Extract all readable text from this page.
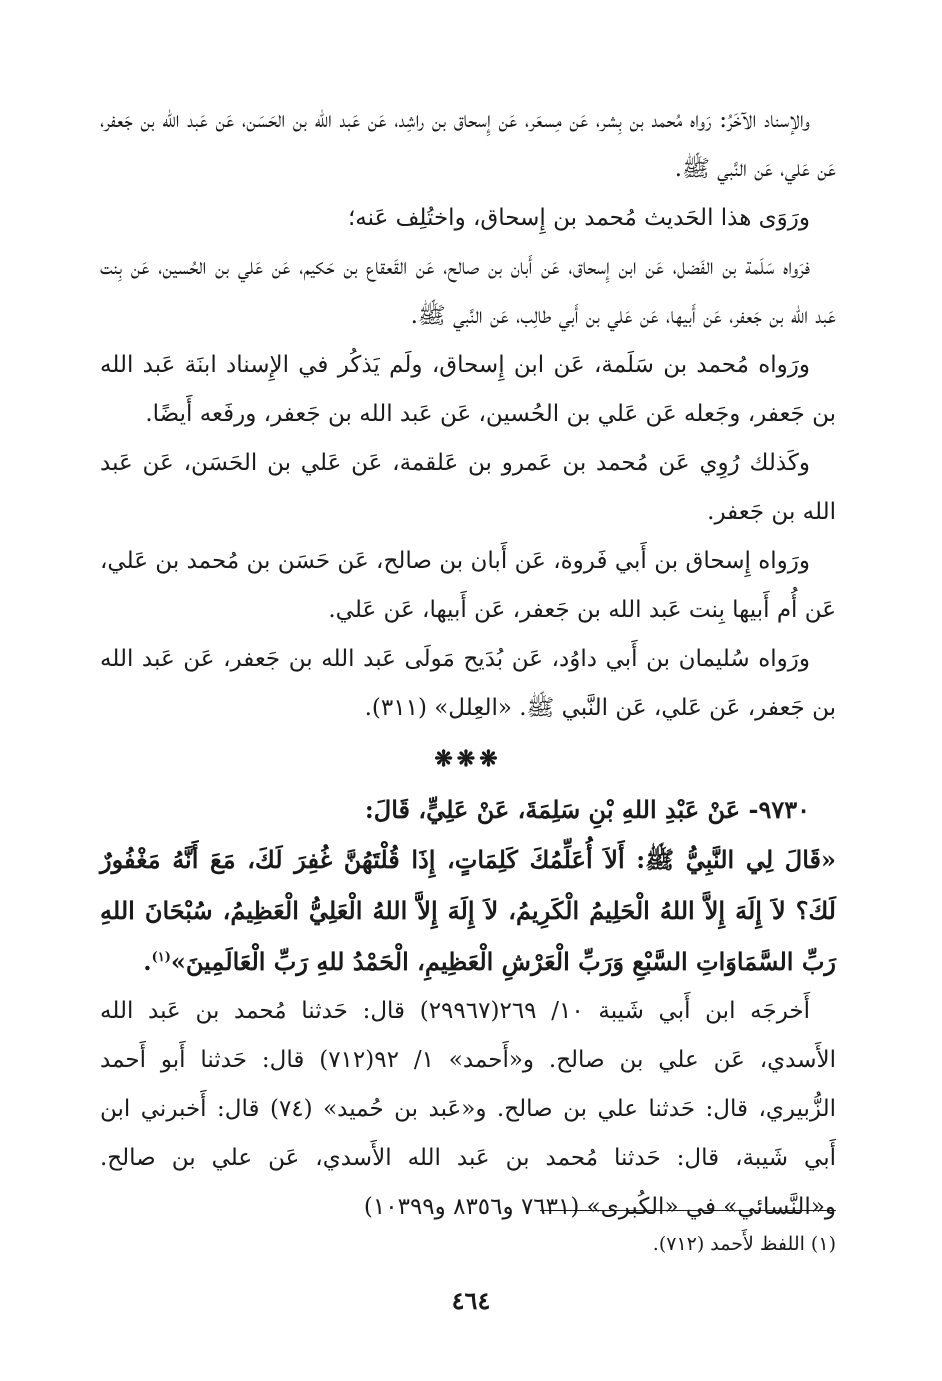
والإسناد الآخَرُ: رَواه مُحمد بن بِشر، عَن مِسعَر، عَن إِسحاق بن راشِد، عَن عَبد الله بن الحَسَن، عَن عَبد الله بن جَعفر، عَن عَلي، عَن النَّبي ﷺ.

ورَوَى هذا الحَديث مُحمد بن إِسحاق، واختُلِف عَنه؛

فرَواه سَلَمة بن الفَضل، عَن ابن إِسحاق، عَن أَبان بن صالح، عَن القَعقاع بن حَكيم، عَن عَلي بن الحُسين، عَن بِنت عَبد الله بن جَعفر، عَن أَبيها، عَن عَلي بن أَبي طالِب، عَن النَّبي ﷺ.

ورَواه مُحمد بن سَلَمة، عَن ابن إِسحاق، ولَم يَذكُر في الإِسناد ابنَة عَبد الله بن جَعفر، وجَعله عَن عَلي بن الحُسين، عَن عَبد الله بن جَعفر، ورفَعه أَيضًا.

وكَذلك رُوِي عَن مُحمد بن عَمرو بن عَلقمة، عَن عَلي بن الحَسَن، عَن عَبد الله بن جَعفر.

ورَواه إِسحاق بن أَبي فَروة، عَن أَبان بن صالح، عَن حَسَن بن مُحمد بن عَلي، عَن أُم أَبيها بِنت عَبد الله بن جَعفر، عَن أَبيها، عَن عَلي.

ورَواه سُليمان بن أَبي داوُد، عَن بُدَيح مَولَى عَبد الله بن جَعفر، عَن عَبد الله بن جَعفر، عَن عَلي، عَن النَّبي ﷺ. «العِلل» (٣١١).

❋❋❋

٩٧٣٠- عَنْ عَبْدِ اللهِ بْنِ سَلِمَةَ، عَنْ عَلِيٍّ، قَالَ:

«قَالَ لِي النَّبِيُّ ﷺ: أَلاَ أُعَلِّمُكَ كَلِمَاتٍ، إِذَا قُلْتَهُنَّ غُفِرَ لَكَ، مَعَ أَنَّهُ مَغْفُورٌ لَكَ؟ لاَ إِلَهَ إِلاَّ اللهُ الْحَلِيمُ الْكَرِيمُ، لاَ إِلَهَ إِلاَّ اللهُ الْعَلِيُّ الْعَظِيمُ، سُبْحَانَ اللهِ رَبِّ السَّمَاوَاتِ السَّبْعِ وَرَبِّ الْعَرْشِ الْعَظِيمِ، الْحَمْدُ للهِ رَبِّ الْعَالَمِينَ»$^{(١)}$.

أَخرجَه ابن أَبي شَيبة ١٠/ ٢٦٩(٢٩٩٦٧) قال: حَدثنا مُحمد بن عَبد الله الأَسدي، عَن علي بن صالح. و«أَحمد» ١/ ٩٢(٧١٢) قال: حَدثنا أَبو أَحمد الزُّبيري، قال: حَدثنا علي بن صالح. و«عَبد بن حُميد» (٧٤) قال: أَخبرني ابن أَبي شَيبة، قال: حَدثنا مُحمد بن عَبد الله الأَسدي، عَن علي بن صالح. و«النَّسائي» في «الكُبرى» (٧٦٣١ و٨٣٥٦ و١٠٣٩٩)

(١) اللفظ لأَحمد (٧١٢).
٤٦٤
